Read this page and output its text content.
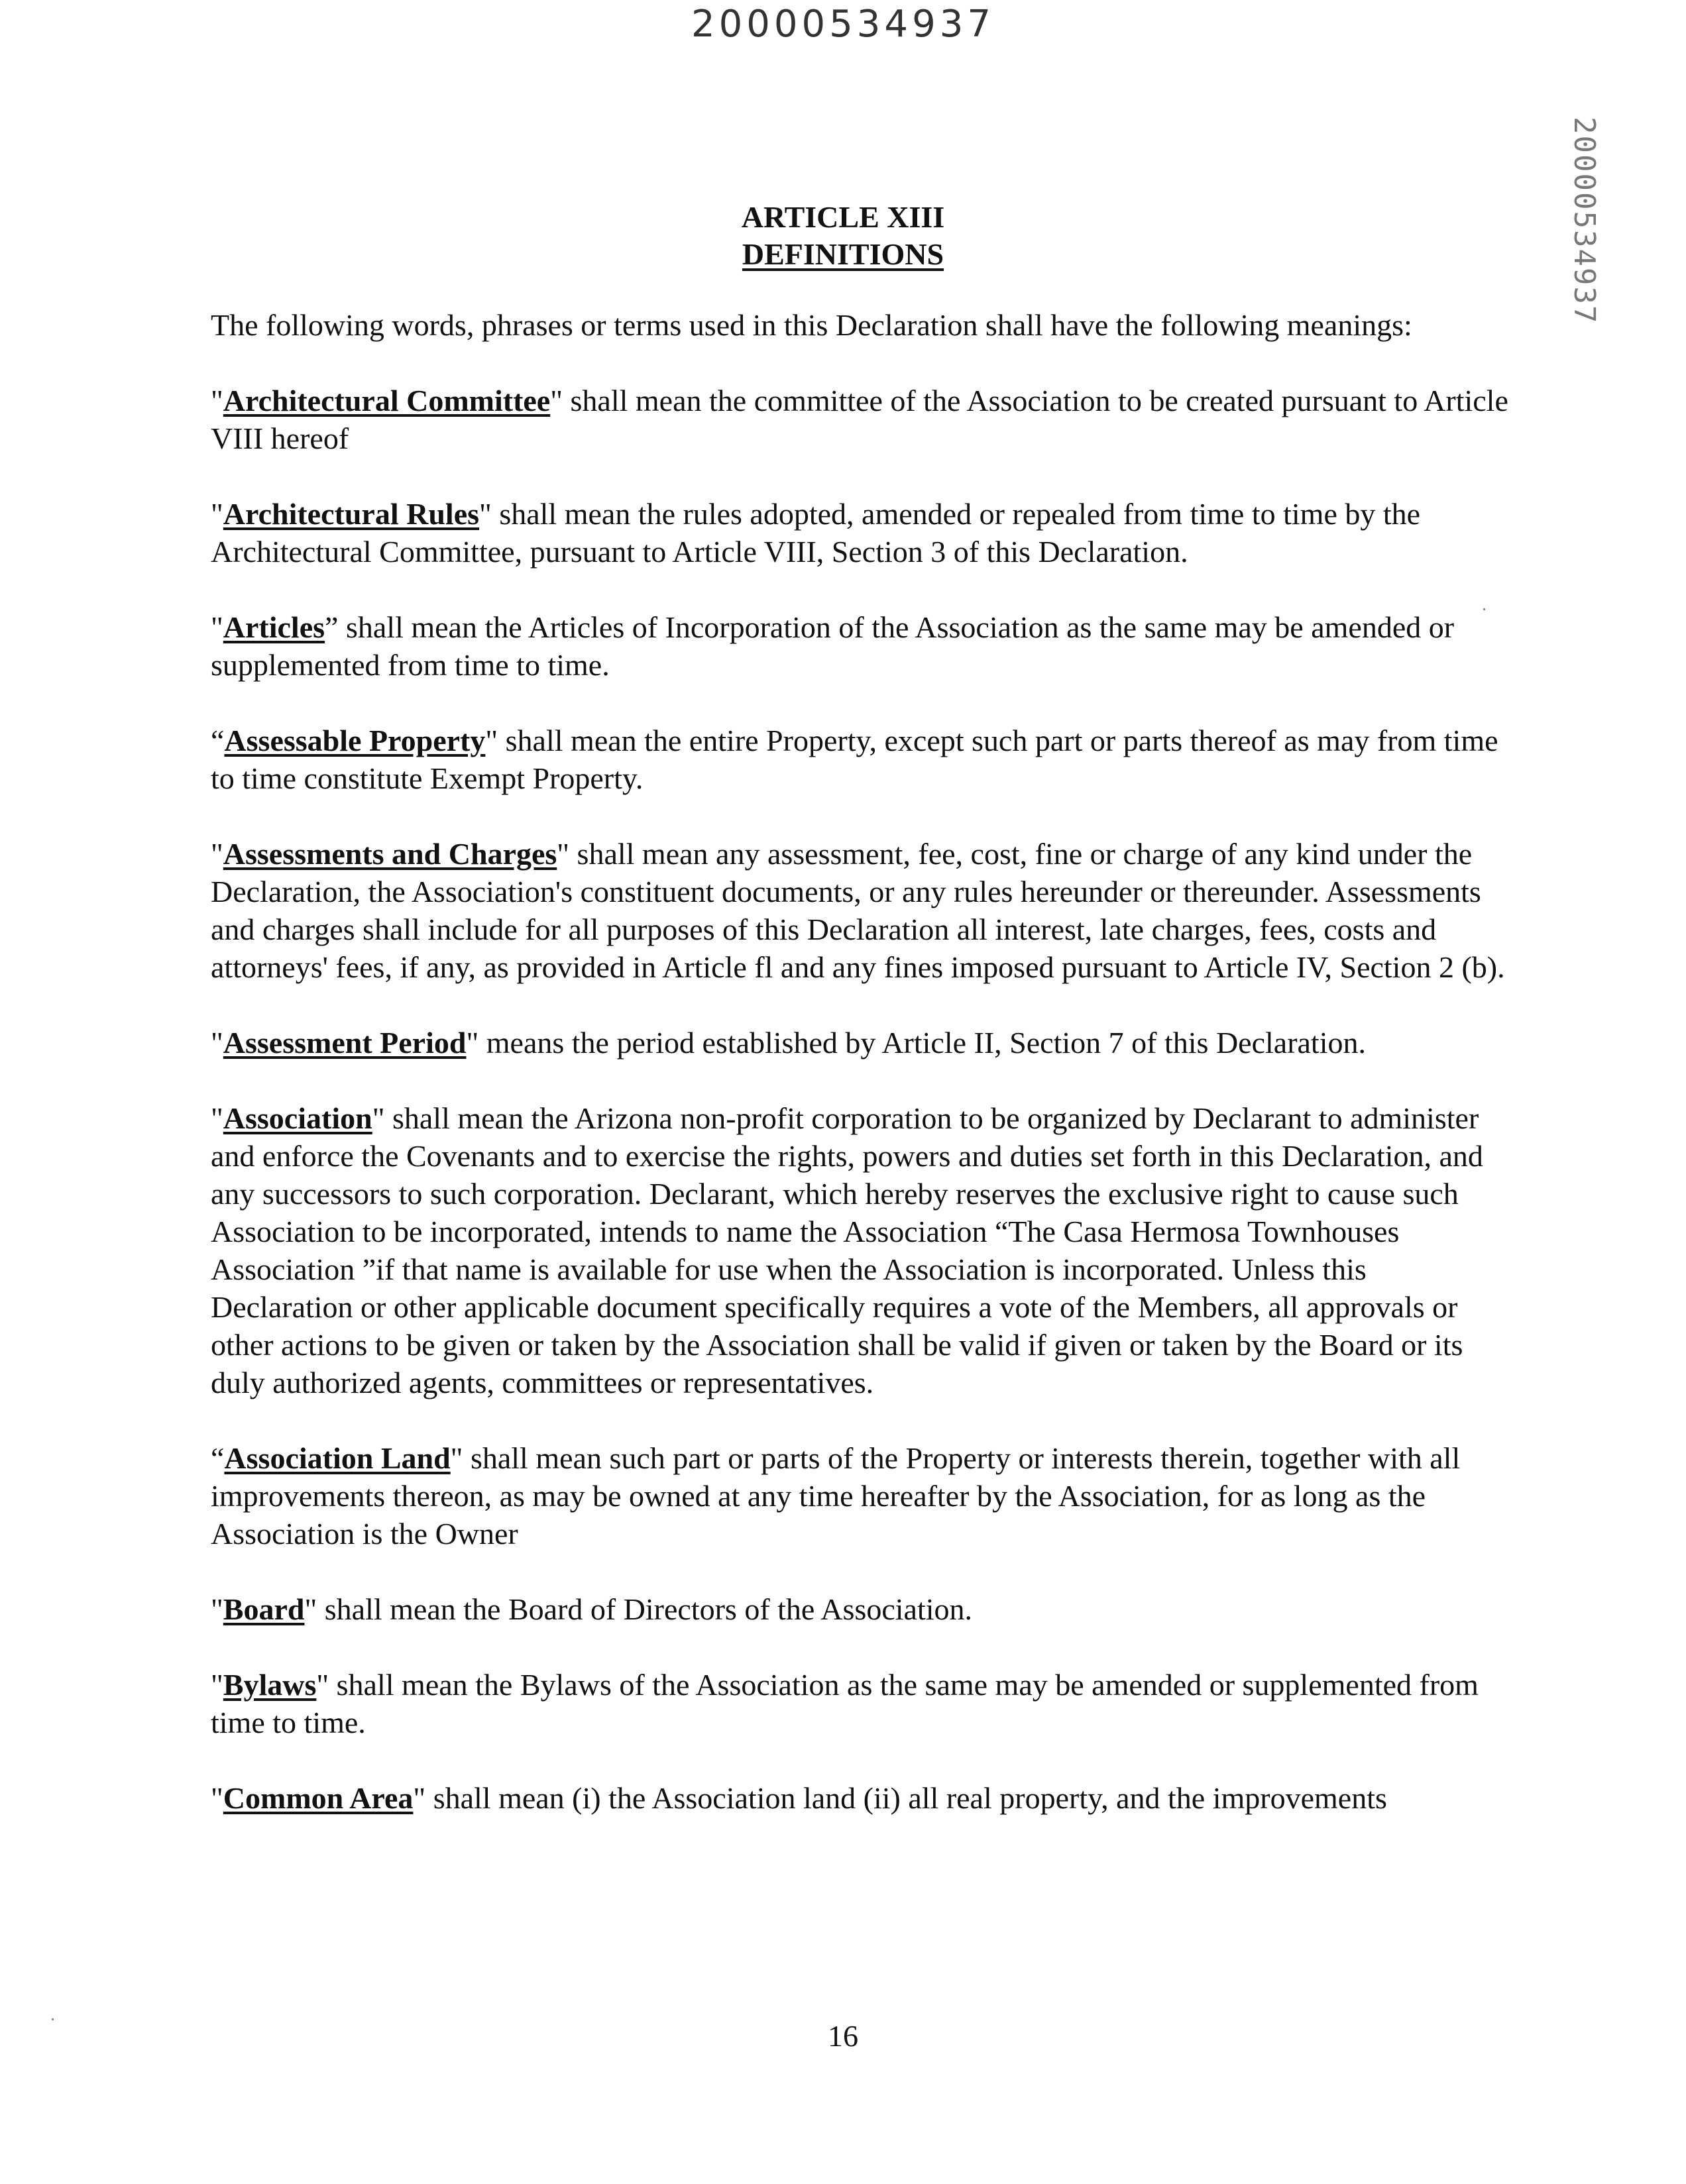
20000534937
20000534937
ARTICLE XIII
DEFINITIONS

The following words, phrases or terms used in this Declaration shall have the following meanings:

"Architectural Committee" shall mean the committee of the Association to be created pursuant to Article VIII hereof

"Architectural Rules" shall mean the rules adopted, amended or repealed from time to time by the Architectural Committee, pursuant to Article VIII, Section 3 of this Declaration.

"Articles” shall mean the Articles of Incorporation of the Association as the same may be amended or supplemented from time to time.

“Assessable Property" shall mean the entire Property, except such part or parts thereof as may from time to time constitute Exempt Property.

"Assessments and Charges" shall mean any assessment, fee, cost, fine or charge of any kind under the Declaration, the Association's constituent documents, or any rules hereunder or thereunder. Assessments and charges shall include for all purposes of this Declaration all interest, late charges, fees, costs and attorneys' fees, if any, as provided in Article fl and any fines imposed pursuant to Article IV, Section 2 (b).

"Assessment Period" means the period established by Article II, Section 7 of this Declaration.

"Association" shall mean the Arizona non-profit corporation to be organized by Declarant to administer and enforce the Covenants and to exercise the rights, powers and duties set forth in this Declaration, and any successors to such corporation. Declarant, which hereby reserves the exclusive right to cause such Association to be incorporated, intends to name the Association “The Casa Hermosa Townhouses Association ”if that name is available for use when the Association is incorporated. Unless this Declaration or other applicable document specifically requires a vote of the Members, all approvals or other actions to be given or taken by the Association shall be valid if given or taken by the Board or its duly authorized agents, committees or representatives.

“Association Land" shall mean such part or parts of the Property or interests therein, together with all improvements thereon, as may be owned at any time hereafter by the Association, for as long as the Association is the Owner

"Board" shall mean the Board of Directors of the Association.

"Bylaws" shall mean the Bylaws of the Association as the same may be amended or supplemented from time to time.

"Common Area" shall mean (i) the Association land (ii) all real property, and the improvements

16
